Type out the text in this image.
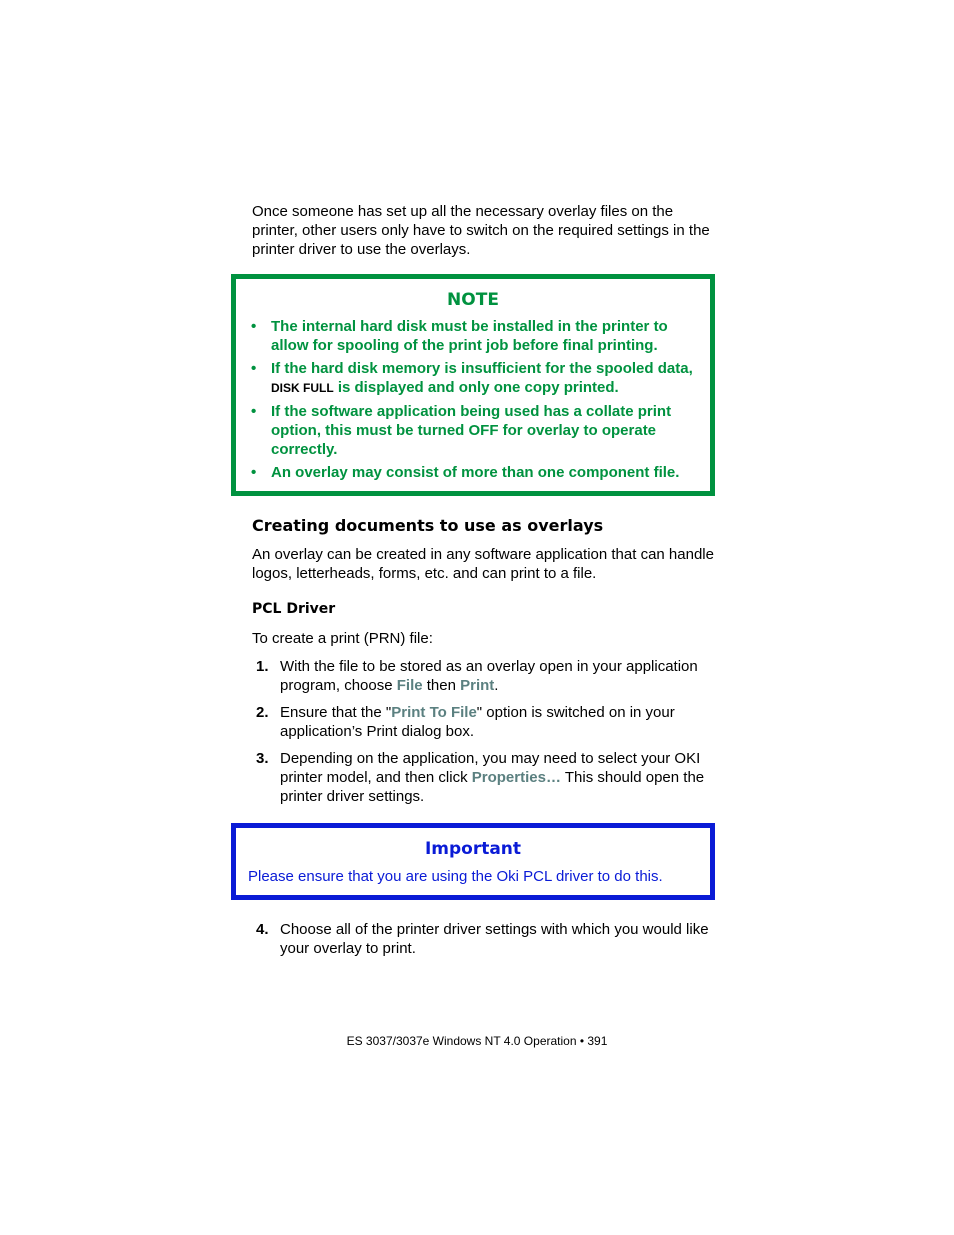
Once someone has set up all the necessary overlay files on the printer, other users only have to switch on the required settings in the printer driver to use the overlays.

NOTE
• The internal hard disk must be installed in the printer to allow for spooling of the print job before final printing.
• If the hard disk memory is insufficient for the spooled data, DISK FULL is displayed and only one copy printed.
• If the software application being used has a collate print option, this must be turned OFF for overlay to operate correctly.
• An overlay may consist of more than one component file.
Creating documents to use as overlays

An overlay can be created in any software application that can handle logos, letterheads, forms, etc. and can print to a file.

PCL Driver

To create a print (PRN) file:

1. With the file to be stored as an overlay open in your application program, choose File then Print.
2. Ensure that the "Print To File" option is switched on in your application’s Print dialog box.
3. Depending on the application, you may need to select your OKI printer model, and then click Properties… This should open the printer driver settings.
Important
Please ensure that you are using the Oki PCL driver to do this.
4. Choose all of the printer driver settings with which you would like your overlay to print.
ES 3037/3037e Windows NT 4.0 Operation • 391
